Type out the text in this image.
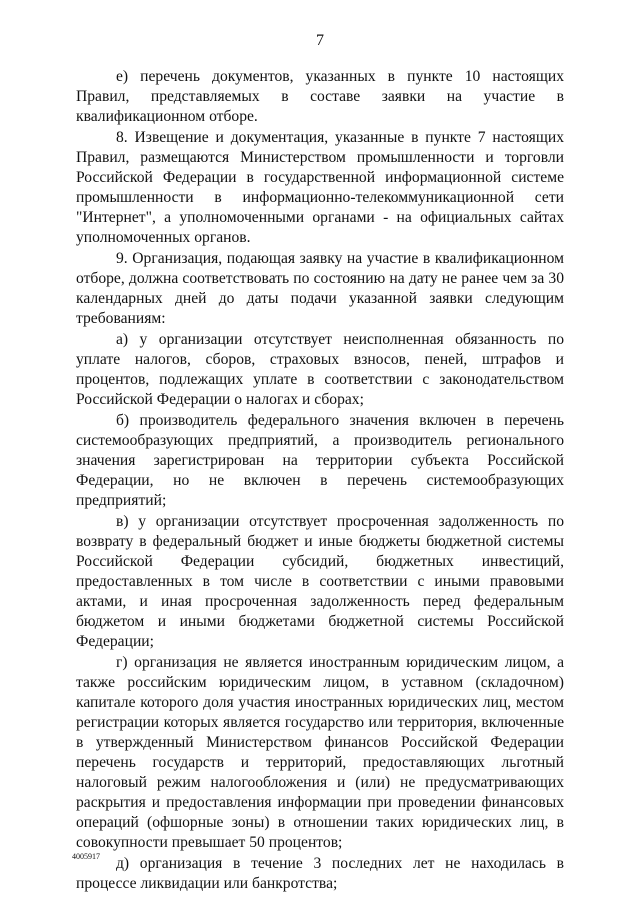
7

е) перечень документов, указанных в пункте 10 настоящих Правил, представляемых в составе заявки на участие в квалификационном отборе.

8. Извещение и документация, указанные в пункте 7 настоящих Правил, размещаются Министерством промышленности и торговли Российской Федерации в государственной информационной системе промышленности в информационно-телекоммуникационной сети "Интернет", а уполномоченными органами - на официальных сайтах уполномоченных органов.

9. Организация, подающая заявку на участие в квалификационном отборе, должна соответствовать по состоянию на дату не ранее чем за 30 календарных дней до даты подачи указанной заявки следующим требованиям:

а) у организации отсутствует неисполненная обязанность по уплате налогов, сборов, страховых взносов, пеней, штрафов и процентов, подлежащих уплате в соответствии с законодательством Российской Федерации о налогах и сборах;

б) производитель федерального значения включен в перечень системообразующих предприятий, а производитель регионального значения зарегистрирован на территории субъекта Российской Федерации, но не включен в перечень системообразующих предприятий;

в) у организации отсутствует просроченная задолженность по возврату в федеральный бюджет и иные бюджеты бюджетной системы Российской Федерации субсидий, бюджетных инвестиций, предоставленных в том числе в соответствии с иными правовыми актами, и иная просроченная задолженность перед федеральным бюджетом и иными бюджетами бюджетной системы Российской Федерации;

г) организация не является иностранным юридическим лицом, а также российским юридическим лицом, в уставном (складочном) капитале которого доля участия иностранных юридических лиц, местом регистрации которых является государство или территория, включенные в утвержденный Министерством финансов Российской Федерации перечень государств и территорий, предоставляющих льготный налоговый режим налогообложения и (или) не предусматривающих раскрытия и предоставления информации при проведении финансовых операций (офшорные зоны) в отношении таких юридических лиц, в совокупности превышает 50 процентов;

д) организация в течение 3 последних лет не находилась в процессе ликвидации или банкротства;

4005917
